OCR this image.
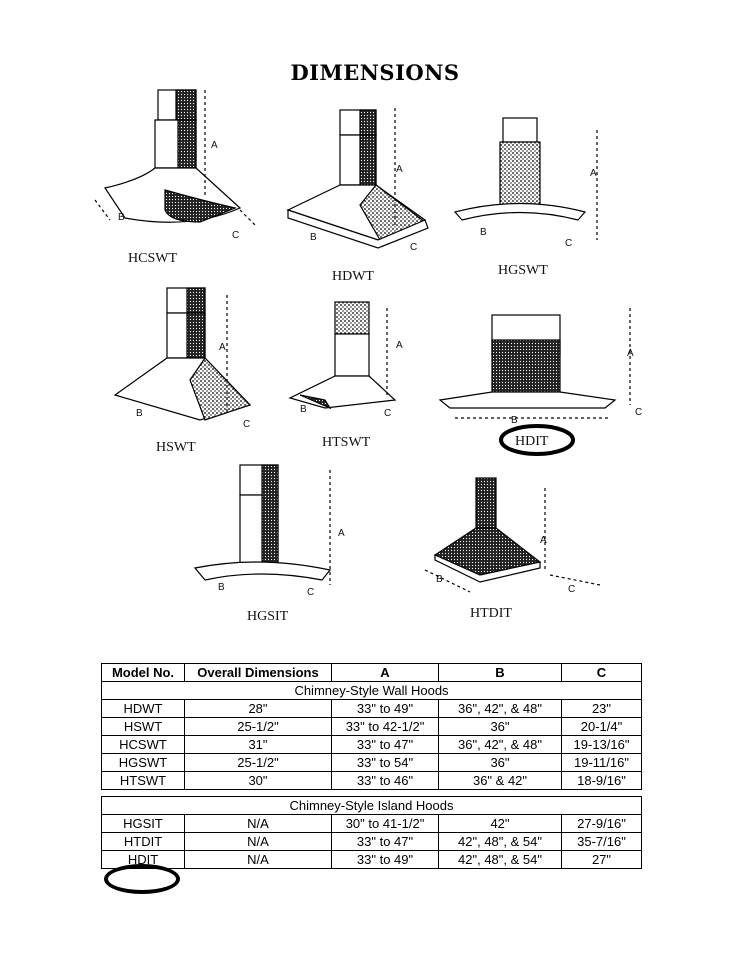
DIMENSIONS
A
B
C
HCSWT
A
B
C
HDWT
A
B
C
HGSWT
A
B
C
HSWT
A
B	C
HTSWT
A
B
C
HDIT
A
B	C
HGSIT
A
B
C
HTDIT
Model No.	Overall Dimensions	A	B	C
Chimney-Style Wall Hoods				
HDWT	28"	33" to 49"	36", 42", & 48"	23"
HSWT	25-1/2"	33" to 42-1/2"	36"	20-1/4"
HCSWT	31"	33" to 47"	36", 42", & 48"	19-13/16"
HGSWT	25-1/2"	33" to 54"	36"	19-11/16"
HTSWT	30"	33" to 46"	36" & 42"	18-9/16"

Chimney-Style Island Hoods				
HGSIT	N/A	30" to 41-1/2"	42"	27-9/16"
HTDIT	N/A	33" to 47"	42", 48", & 54"	35-7/16"
HDIT	N/A	33" to 49"	42", 48", & 54"	27"
